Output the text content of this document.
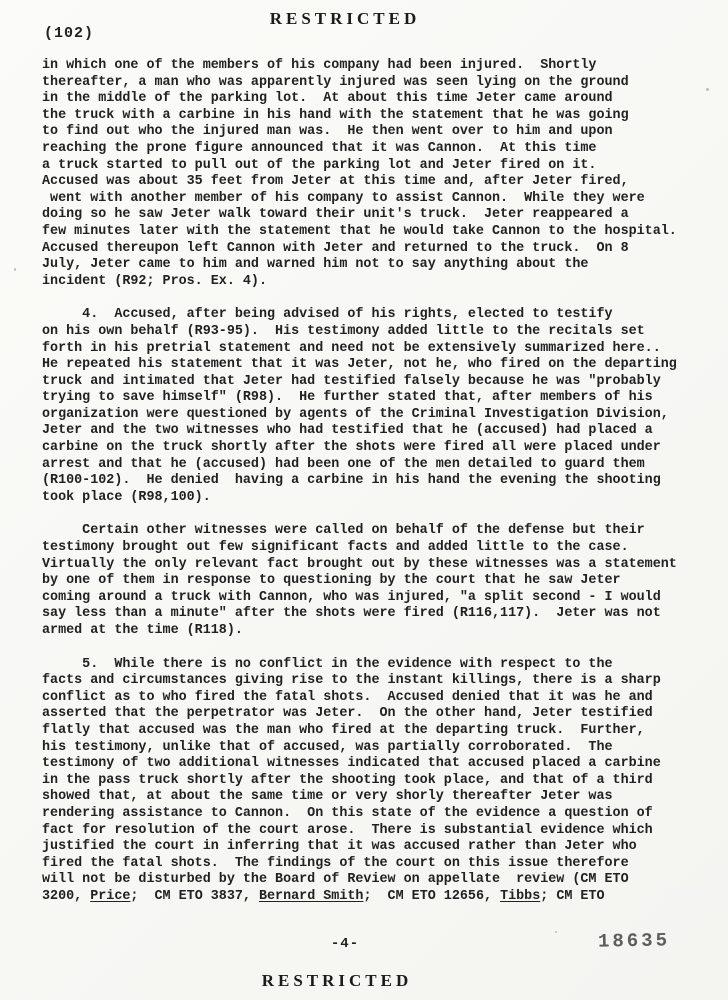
RESTRICTED
(102)
in which one of the members of his company had been injured.  Shortly
thereafter, a man who was apparently injured was seen lying on the ground
in the middle of the parking lot.  At about this time Jeter came around
the truck with a carbine in his hand with the statement that he was going
to find out who the injured man was.  He then went over to him and upon
reaching the prone figure announced that it was Cannon.  At this time
a truck started to pull out of the parking lot and Jeter fired on it.
Accused was about 35 feet from Jeter at this time and, after Jeter fired,
went with another member of his company to assist Cannon.  While they were
doing so he saw Jeter walk toward their unit's truck.  Jeter reappeared a
few minutes later with the statement that he would take Cannon to the hospital.
Accused thereupon left Cannon with Jeter and returned to the truck.  On 8
July, Jeter came to him and warned him not to say anything about the
incident (R92; Pros. Ex. 4).
4.  Accused, after being advised of his rights, elected to testify
on his own behalf (R93-95).  His testimony added little to the recitals set
forth in his pretrial statement and need not be extensively summarized here..
He repeated his statement that it was Jeter, not he, who fired on the departing
truck and intimated that Jeter had testified falsely because he was "probably
trying to save himself" (R98).  He further stated that, after members of his
organization were questioned by agents of the Criminal Investigation Division,
Jeter and the two witnesses who had testified that he (accused) had placed a
carbine on the truck shortly after the shots were fired all were placed under
arrest and that he (accused) had been one of the men detailed to guard them
(R100-102).  He denied  having a carbine in his hand the evening the shooting
took place (R98,100).
Certain other witnesses were called on behalf of the defense but their
testimony brought out few significant facts and added little to the case.
Virtually the only relevant fact brought out by these witnesses was a statement
by one of them in response to questioning by the court that he saw Jeter
coming around a truck with Cannon, who was injured, "a split second - I would
say less than a minute" after the shots were fired (R116,117).  Jeter was not
armed at the time (R118).
5.  While there is no conflict in the evidence with respect to the
facts and circumstances giving rise to the instant killings, there is a sharp
conflict as to who fired the fatal shots.  Accused denied that it was he and
asserted that the perpetrator was Jeter.  On the other hand, Jeter testified
flatly that accused was the man who fired at the departing truck.  Further,
his testimony, unlike that of accused, was partially corroborated.  The
testimony of two additional witnesses indicated that accused placed a carbine
in the pass truck shortly after the shooting took place, and that of a third
showed that, at about the same time or very shorly thereafter Jeter was
rendering assistance to Cannon.  On this state of the evidence a question of
fact for resolution of the court arose.  There is substantial evidence which
justified the court in inferring that it was accused rather than Jeter who
fired the fatal shots.  The findings of the court on this issue therefore
will not be disturbed by the Board of Review on appellate  review (CM ETO
3200, Price;  CM ETO 3837, Bernard Smith;  CM ETO 12656, Tibbs; CM ETO
-4-	18635
RESTRICTED
